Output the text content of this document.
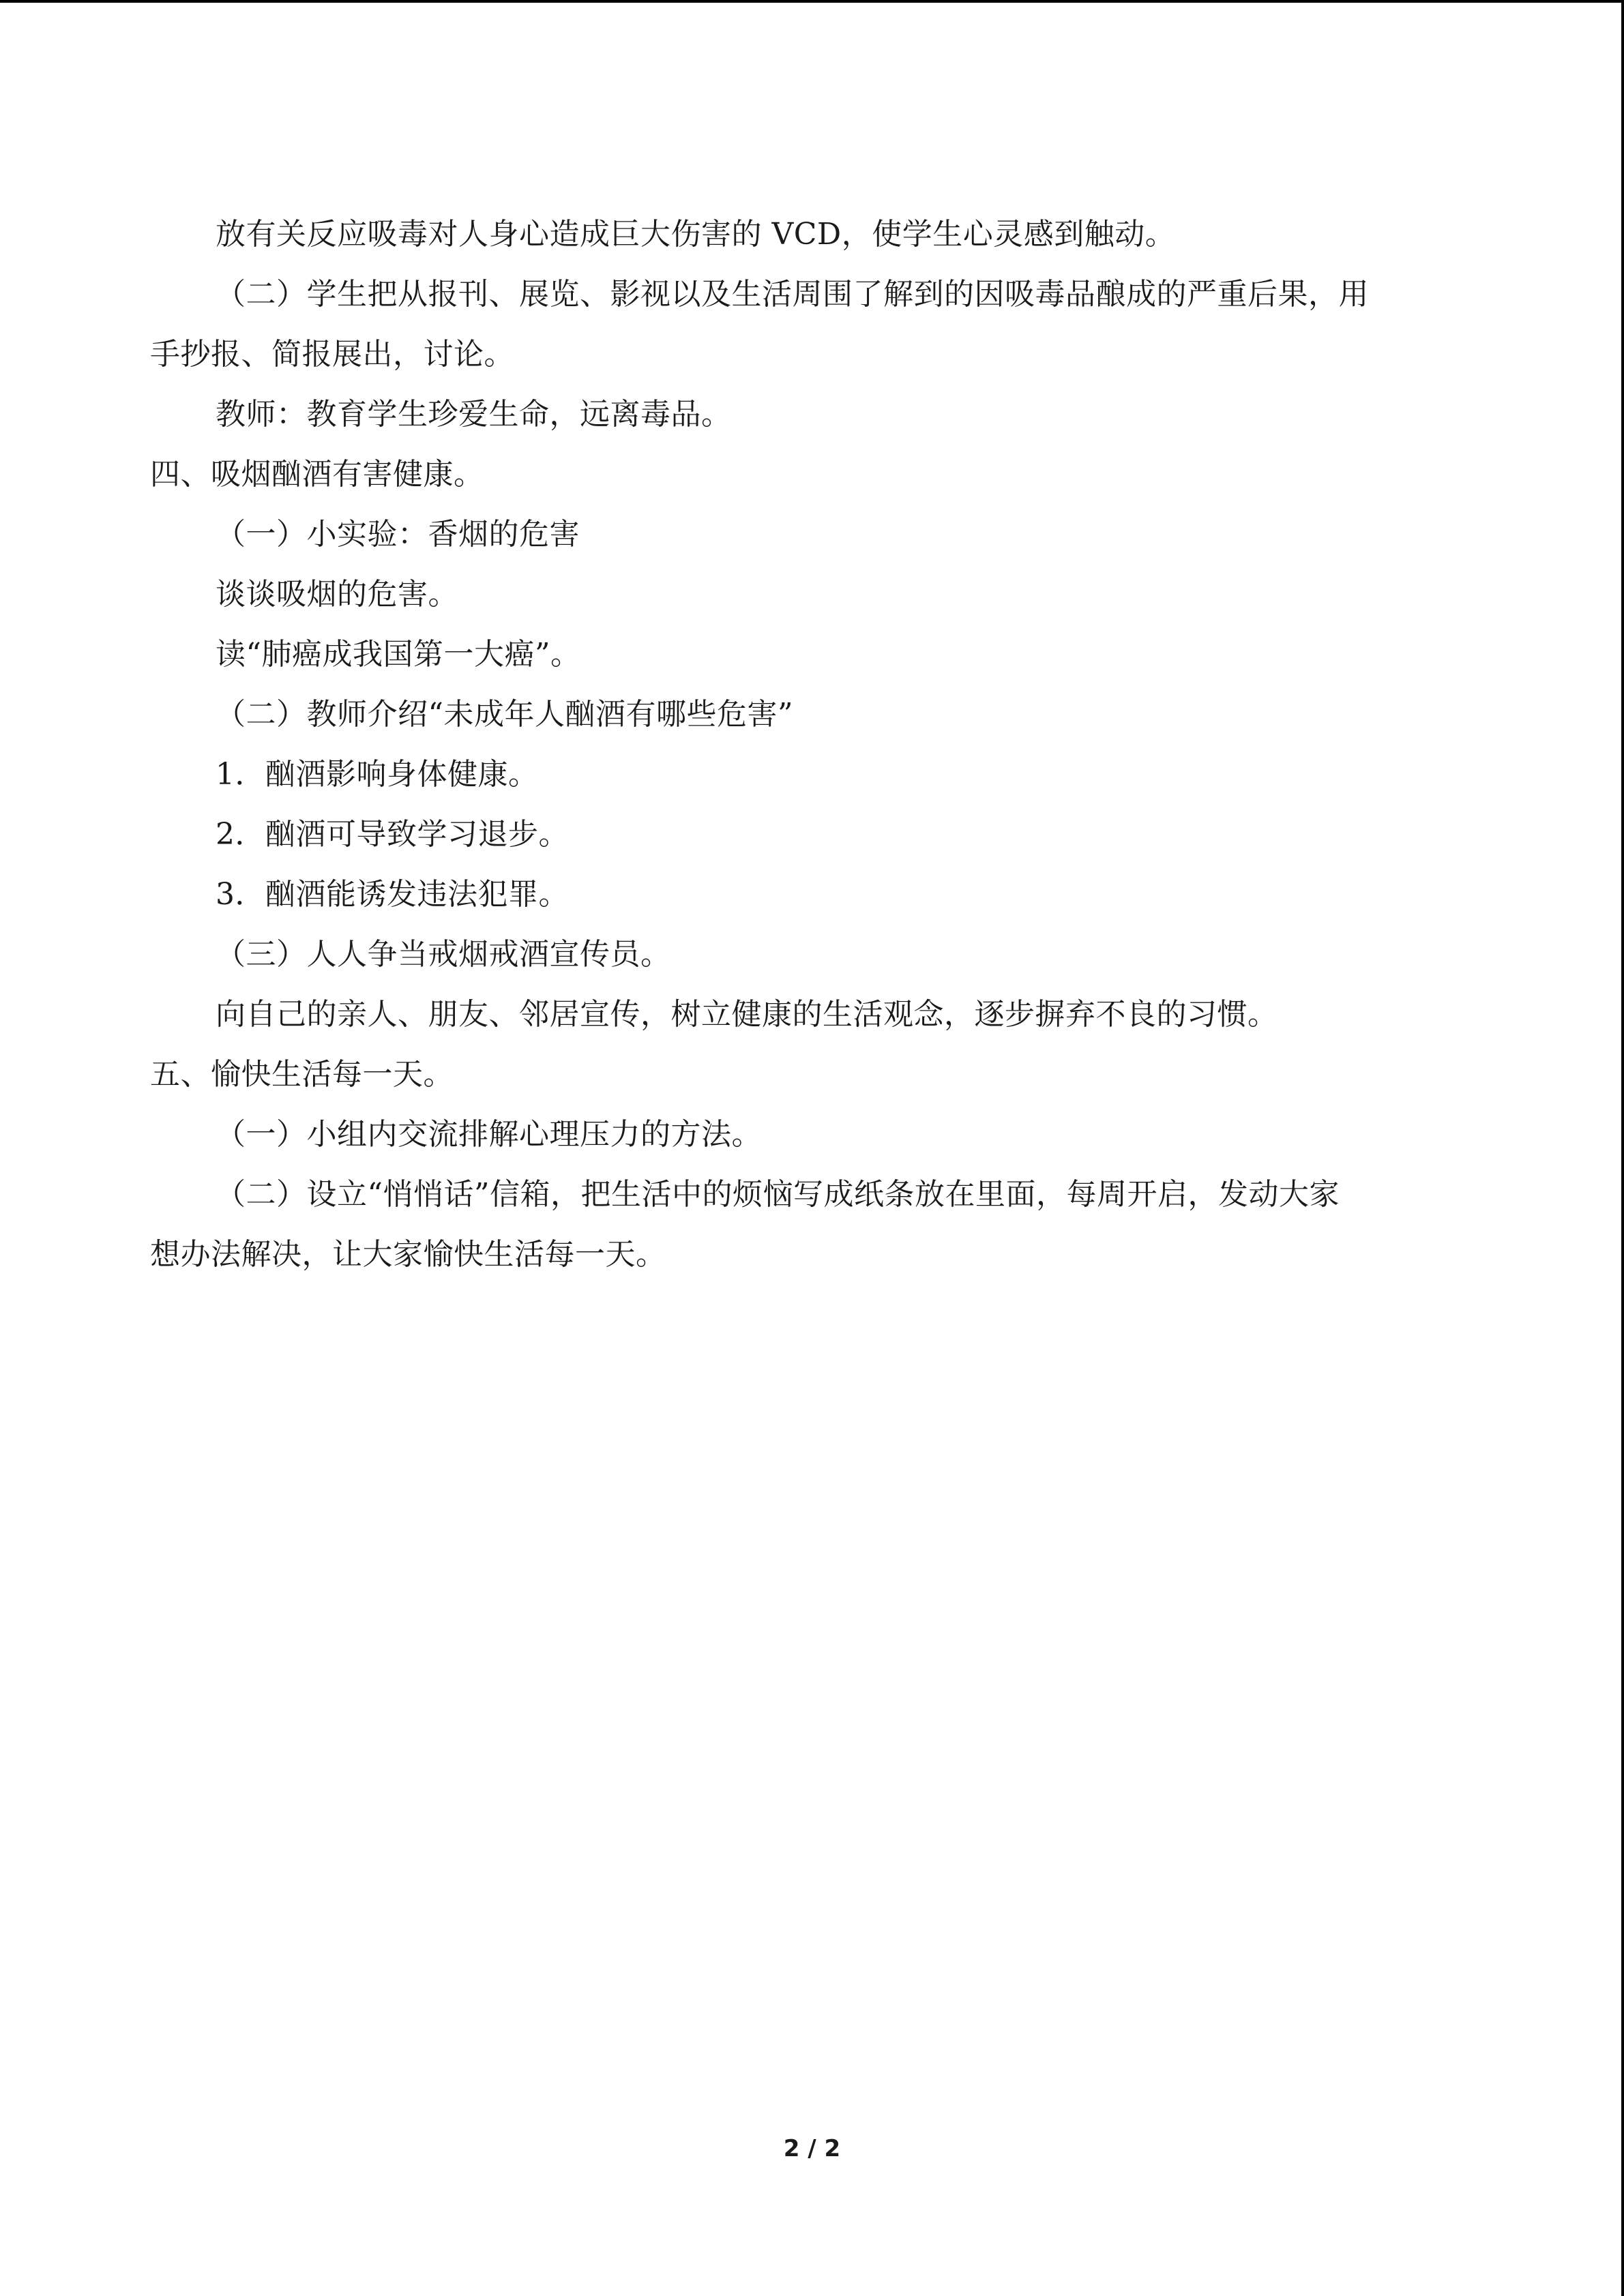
放有关反应吸毒对人身心造成巨大伤害的 VCD，使学生心灵感到触动。
（二）学生把从报刊、展览、影视以及生活周围了解到的因吸毒品酿成的严重后果，用
手抄报、简报展出，讨论。
教师：教育学生珍爱生命，远离毒品。
四、吸烟酗酒有害健康。
（一）小实验：香烟的危害
谈谈吸烟的危害。
读“肺癌成我国第一大癌”。
（二）教师介绍“未成年人酗酒有哪些危害”
1．酗酒影响身体健康。
2．酗酒可导致学习退步。
3．酗酒能诱发违法犯罪。
（三）人人争当戒烟戒酒宣传员。
向自己的亲人、朋友、邻居宣传，树立健康的生活观念，逐步摒弃不良的习惯。
五、愉快生活每一天。
（一）小组内交流排解心理压力的方法。
（二）设立“悄悄话”信箱，把生活中的烦恼写成纸条放在里面，每周开启，发动大家
想办法解决，让大家愉快生活每一天。
2 / 2
